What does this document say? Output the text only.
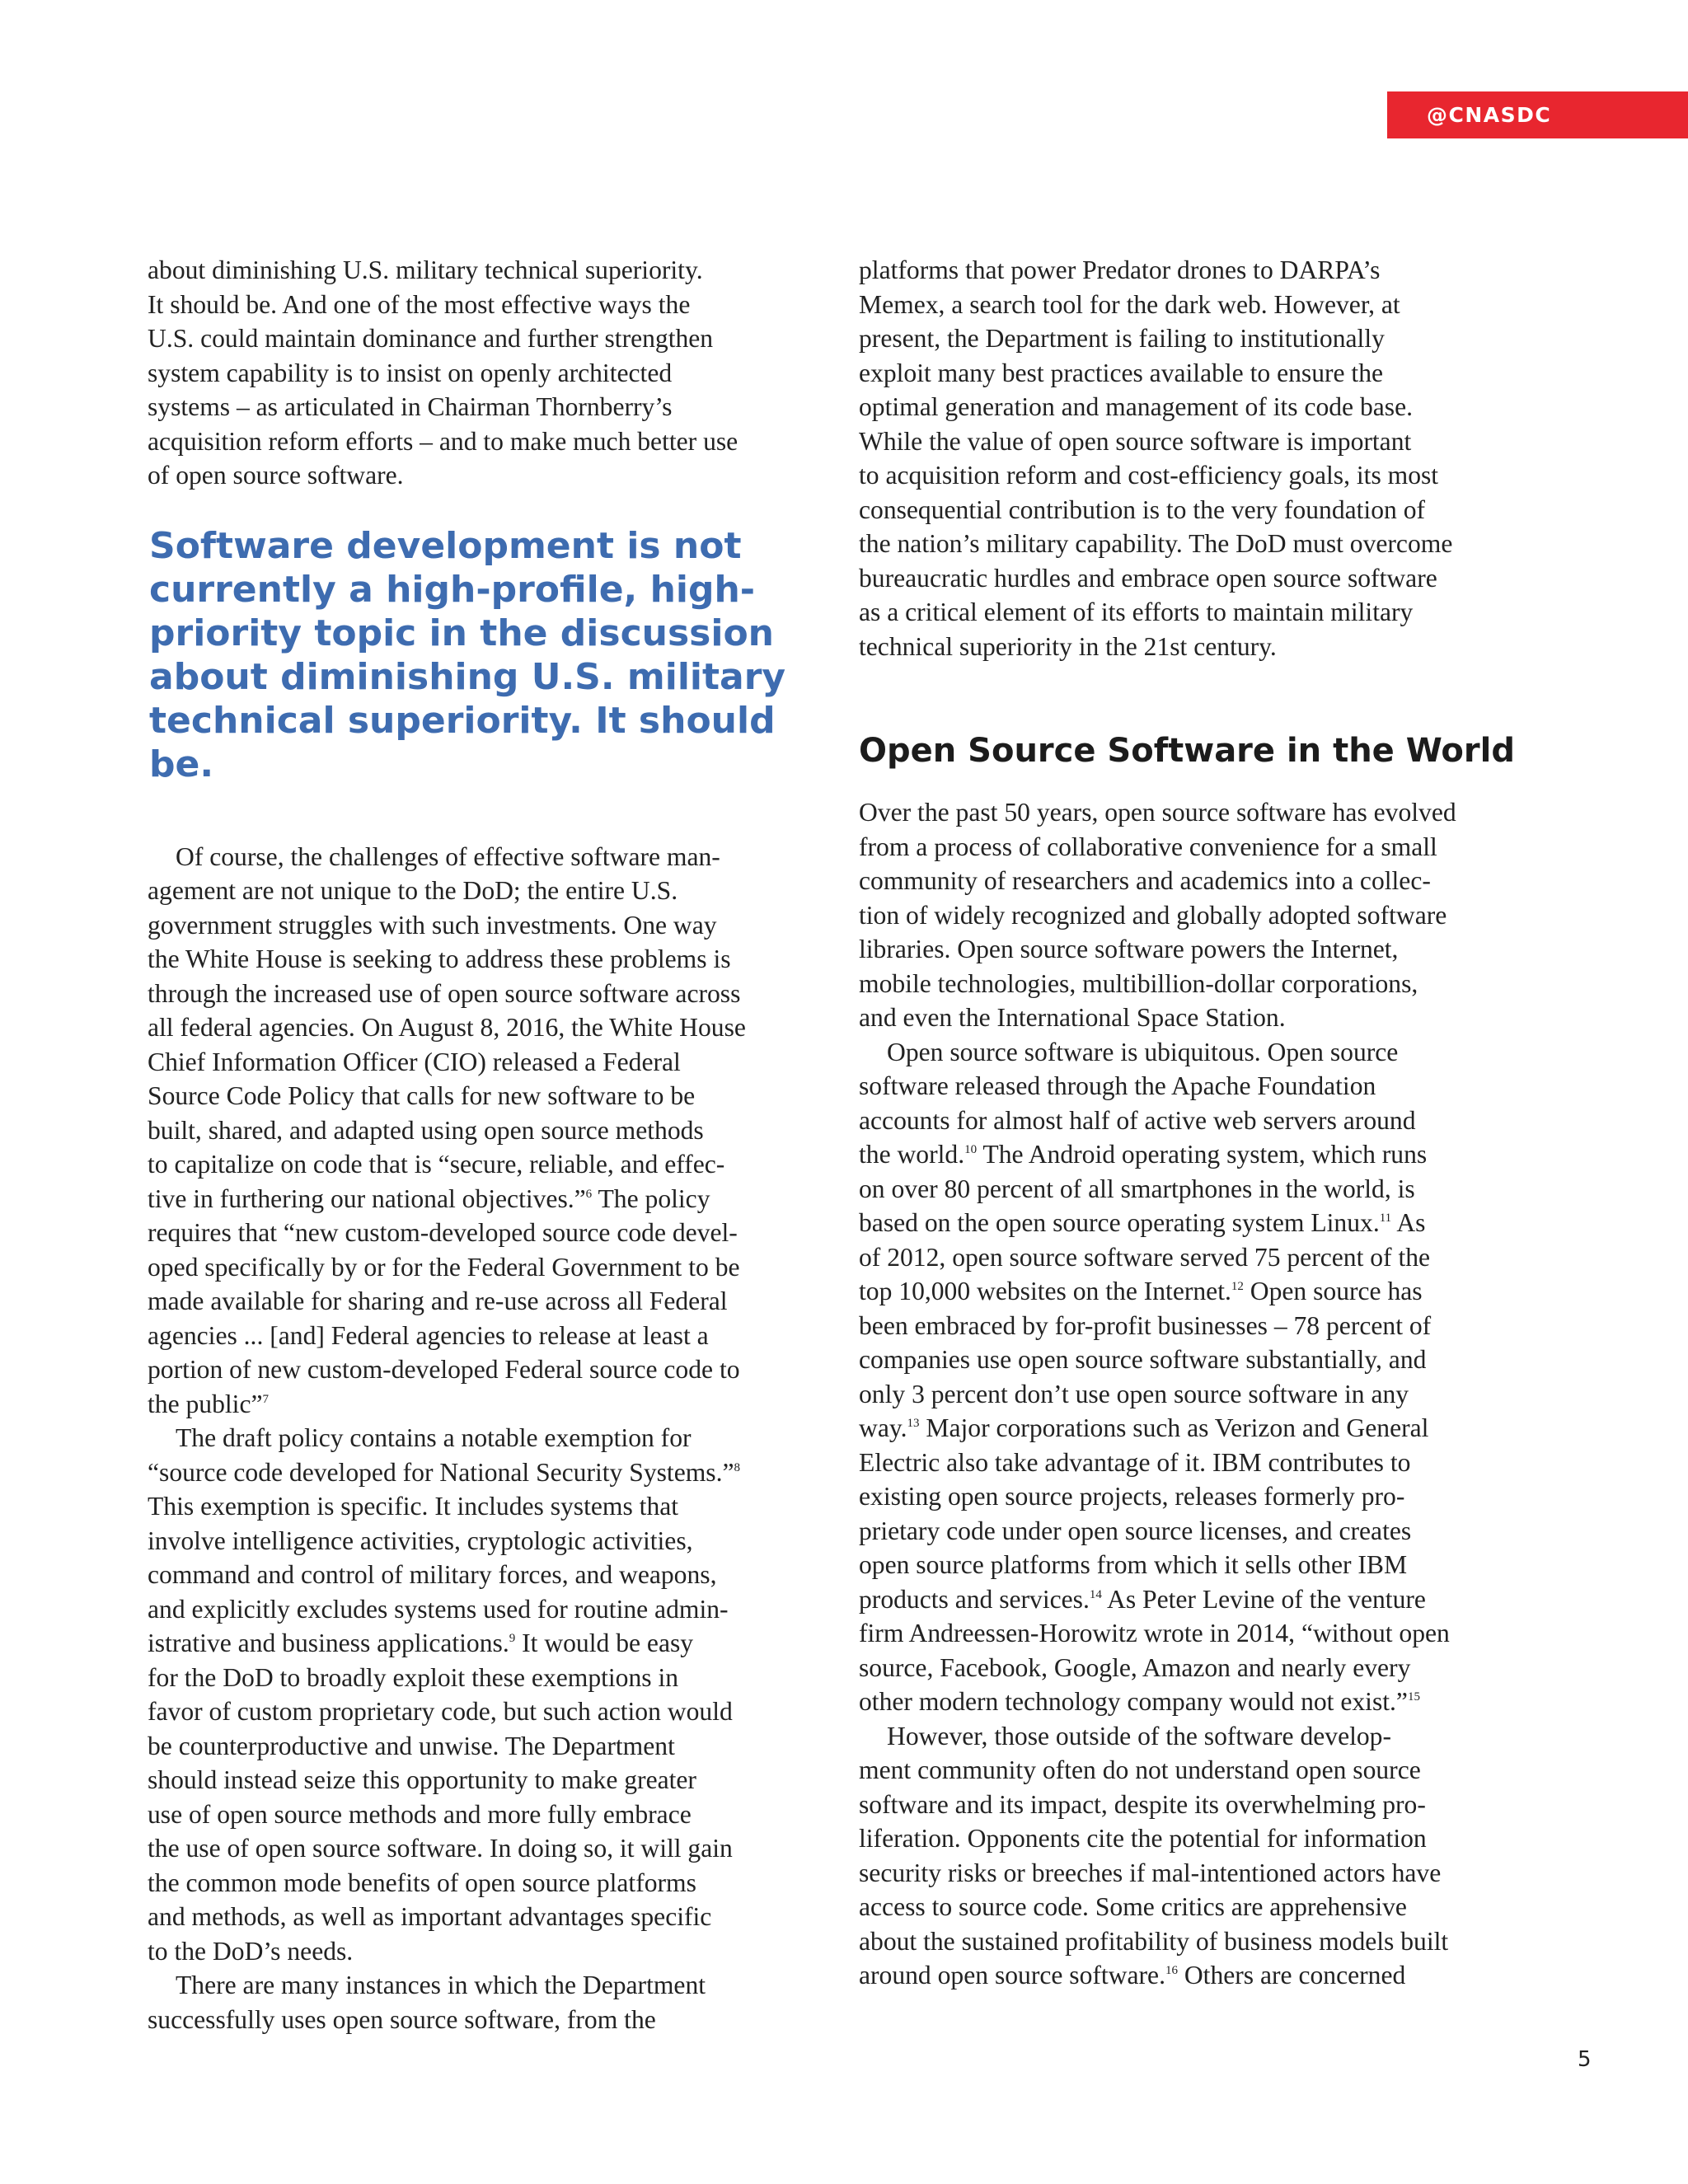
@CNASDC

about diminishing U.S. military technical superiority.
It should be. And one of the most effective ways the
U.S. could maintain dominance and further strengthen
system capability is to insist on openly architected
systems – as articulated in Chairman Thornberry’s
acquisition reform efforts – and to make much better use
of open source software.

Software development is not
currently a high-profile, high-
priority topic in the discussion
about diminishing U.S. military
technical superiority. It should be.

Of course, the challenges of effective software man-
agement are not unique to the DoD; the entire U.S.
government struggles with such investments. One way
the White House is seeking to address these problems is
through the increased use of open source software across
all federal agencies. On August 8, 2016, the White House
Chief Information Officer (CIO) released a Federal
Source Code Policy that calls for new software to be
built, shared, and adapted using open source methods
to capitalize on code that is “secure, reliable, and effec-
tive in furthering our national objectives.”$^6$ The policy
requires that “new custom-developed source code devel-
oped specifically by or for the Federal Government to be
made available for sharing and re-use across all Federal
agencies ... [and] Federal agencies to release at least a
portion of new custom-developed Federal source code to
the public”$^7$

The draft policy contains a notable exemption for
“source code developed for National Security Systems.”$^8$
This exemption is specific. It includes systems that
involve intelligence activities, cryptologic activities,
command and control of military forces, and weapons,
and explicitly excludes systems used for routine admin-
istrative and business applications.$^9$ It would be easy
for the DoD to broadly exploit these exemptions in
favor of custom proprietary code, but such action would
be counterproductive and unwise. The Department
should instead seize this opportunity to make greater
use of open source methods and more fully embrace
the use of open source software. In doing so, it will gain
the common mode benefits of open source platforms
and methods, as well as important advantages specific
to the DoD’s needs.

There are many instances in which the Department
successfully uses open source software, from the

platforms that power Predator drones to DARPA’s
Memex, a search tool for the dark web. However, at
present, the Department is failing to institutionally
exploit many best practices available to ensure the
optimal generation and management of its code base.
While the value of open source software is important
to acquisition reform and cost-efficiency goals, its most
consequential contribution is to the very foundation of
the nation’s military capability. The DoD must overcome
bureaucratic hurdles and embrace open source software
as a critical element of its efforts to maintain military
technical superiority in the 21st century.

Open Source Software in the World

Over the past 50 years, open source software has evolved
from a process of collaborative convenience for a small
community of researchers and academics into a collec-
tion of widely recognized and globally adopted software
libraries. Open source software powers the Internet,
mobile technologies, multibillion-dollar corporations,
and even the International Space Station.

Open source software is ubiquitous. Open source
software released through the Apache Foundation
accounts for almost half of active web servers around
the world.$^{10}$ The Android operating system, which runs
on over 80 percent of all smartphones in the world, is
based on the open source operating system Linux.$^{11}$ As
of 2012, open source software served 75 percent of the
top 10,000 websites on the Internet.$^{12}$ Open source has
been embraced by for-profit businesses – 78 percent of
companies use open source software substantially, and
only 3 percent don’t use open source software in any
way.$^{13}$ Major corporations such as Verizon and General
Electric also take advantage of it. IBM contributes to
existing open source projects, releases formerly pro-
prietary code under open source licenses, and creates
open source platforms from which it sells other IBM
products and services.$^{14}$ As Peter Levine of the venture
firm Andreessen-Horowitz wrote in 2014, “without open
source, Facebook, Google, Amazon and nearly every
other modern technology company would not exist.”$^{15}$

However, those outside of the software develop-
ment community often do not understand open source
software and its impact, despite its overwhelming pro-
liferation. Opponents cite the potential for information
security risks or breeches if mal-intentioned actors have
access to source code. Some critics are apprehensive
about the sustained profitability of business models built
around open source software.$^{16}$ Others are concerned

5
